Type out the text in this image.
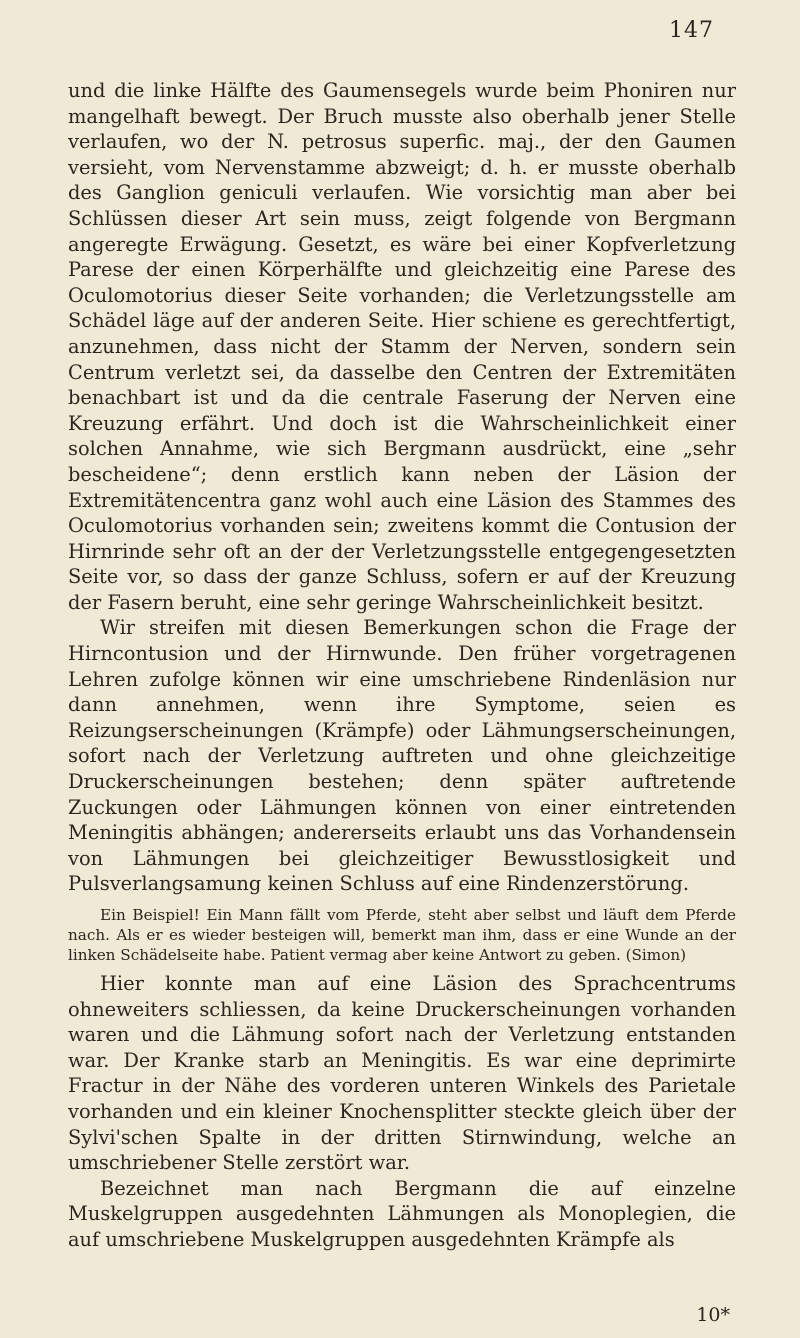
147

und die linke Hälfte des Gaumensegels wurde beim Phoniren nur mangelhaft bewegt. Der Bruch musste also oberhalb jener Stelle verlaufen, wo der N. petrosus superfic. maj., der den Gaumen versieht, vom Nervenstamme abzweigt; d. h. er musste oberhalb des Ganglion geniculi verlaufen. Wie vorsichtig man aber bei Schlüssen dieser Art sein muss, zeigt folgende von Bergmann angeregte Erwägung. Gesetzt, es wäre bei einer Kopfverletzung Parese der einen Körperhälfte und gleichzeitig eine Parese des Oculomotorius dieser Seite vorhanden; die Verletzungsstelle am Schädel läge auf der anderen Seite. Hier schiene es gerechtfertigt, anzunehmen, dass nicht der Stamm der Nerven, sondern sein Centrum verletzt sei, da dasselbe den Centren der Extremitäten benachbart ist und da die centrale Faserung der Nerven eine Kreuzung erfährt. Und doch ist die Wahrscheinlichkeit einer solchen Annahme, wie sich Bergmann ausdrückt, eine „sehr bescheidene“; denn erstlich kann neben der Läsion der Extremitätencentra ganz wohl auch eine Läsion des Stammes des Oculomotorius vorhanden sein; zweitens kommt die Contusion der Hirnrinde sehr oft an der der Verletzungsstelle entgegengesetzten Seite vor, so dass der ganze Schluss, sofern er auf der Kreuzung der Fasern beruht, eine sehr geringe Wahrscheinlichkeit besitzt.

Wir streifen mit diesen Bemerkungen schon die Frage der Hirncontusion und der Hirnwunde. Den früher vorgetragenen Lehren zufolge können wir eine umschriebene Rindenläsion nur dann annehmen, wenn ihre Symptome, seien es Reizungserscheinungen (Krämpfe) oder Lähmungserscheinungen, sofort nach der Verletzung auftreten und ohne gleichzeitige Druckerscheinungen bestehen; denn später auftretende Zuckungen oder Lähmungen können von einer eintretenden Meningitis abhängen; andererseits erlaubt uns das Vorhandensein von Lähmungen bei gleichzeitiger Bewusstlosigkeit und Pulsverlangsamung keinen Schluss auf eine Rindenzerstörung.

Ein Beispiel! Ein Mann fällt vom Pferde, steht aber selbst und läuft dem Pferde nach. Als er es wieder besteigen will, bemerkt man ihm, dass er eine Wunde an der linken Schädelseite habe. Patient vermag aber keine Antwort zu geben. (Simon)

Hier konnte man auf eine Läsion des Sprachcentrums ohneweiters schliessen, da keine Druckerscheinungen vorhanden waren und die Lähmung sofort nach der Verletzung entstanden war. Der Kranke starb an Meningitis. Es war eine deprimirte Fractur in der Nähe des vorderen unteren Winkels des Parietale vorhanden und ein kleiner Knochensplitter steckte gleich über der Sylvi'schen Spalte in der dritten Stirnwindung, welche an umschriebener Stelle zerstört war.

Bezeichnet man nach Bergmann die auf einzelne Muskelgruppen ausgedehnten Lähmungen als Monoplegien, die auf umschriebene Muskelgruppen ausgedehnten Krämpfe als

10*
